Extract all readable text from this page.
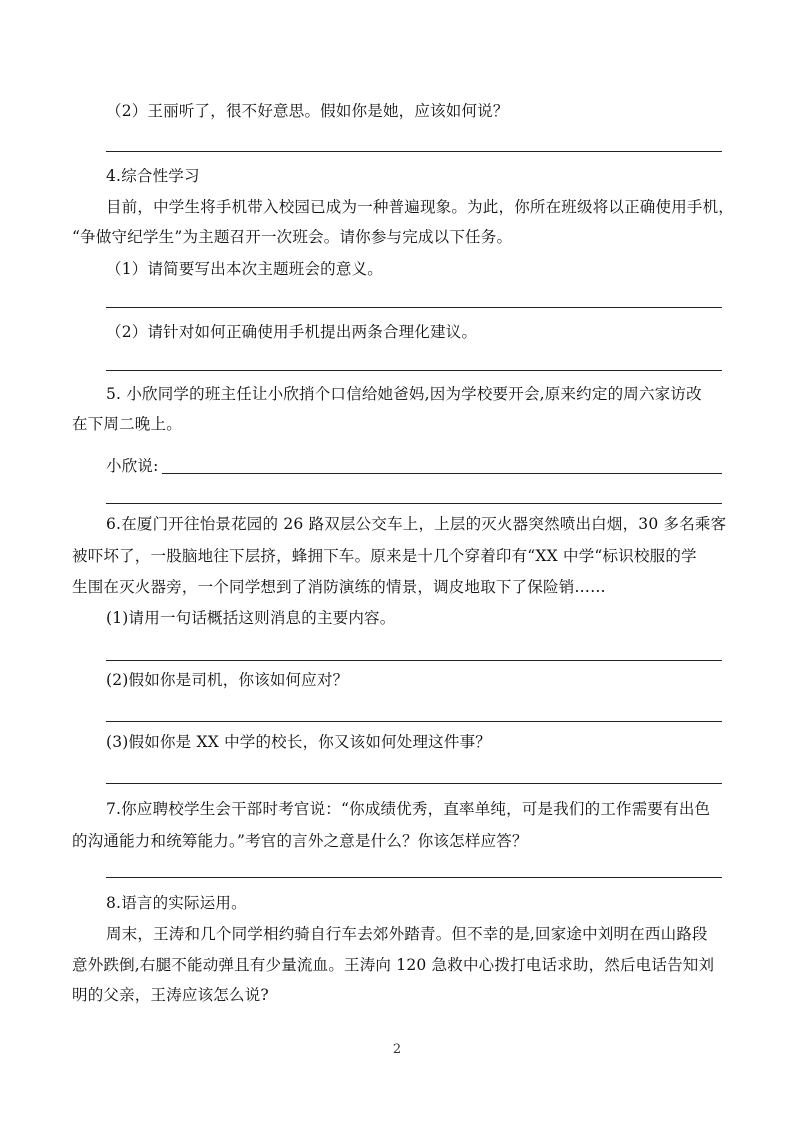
（2）王丽听了，很不好意思。假如你是她，应该如何说？
4.综合性学习
目前，中学生将手机带入校园已成为一种普遍现象。为此，你所在班级将以正确使用手机，
“争做守纪学生”为主题召开一次班会。请你参与完成以下任务。
（1）请简要写出本次主题班会的意义。
（2）请针对如何正确使用手机提出两条合理化建议。
5. 小欣同学的班主任让小欣捎个口信给她爸妈,因为学校要开会,原来约定的周六家访改
在下周二晚上。
小欣说:
6.在厦门开往怡景花园的 26 路双层公交车上，上层的灭火器突然喷出白烟，30 多名乘客
被吓坏了，一股脑地往下层挤，蜂拥下车。原来是十几个穿着印有“XX 中学“标识校服的学
生围在灭火器旁，一个同学想到了消防演练的情景，调皮地取下了保险销……
(1)请用一句话概括这则消息的主要内容。
(2)假如你是司机，你该如何应对？
(3)假如你是 XX 中学的校长，你又该如何处理这件事？
7.你应聘校学生会干部时考官说：“你成绩优秀，直率单纯，可是我们的工作需要有出色
的沟通能力和统筹能力。”考官的言外之意是什么？你该怎样应答？
8.语言的实际运用。
周末，王涛和几个同学相约骑自行车去郊外踏青。但不幸的是,回家途中刘明在西山路段
意外跌倒,右腿不能动弹且有少量流血。王涛向 120 急救中心拨打电话求助，然后电话告知刘
明的父亲，王涛应该怎么说?
2
